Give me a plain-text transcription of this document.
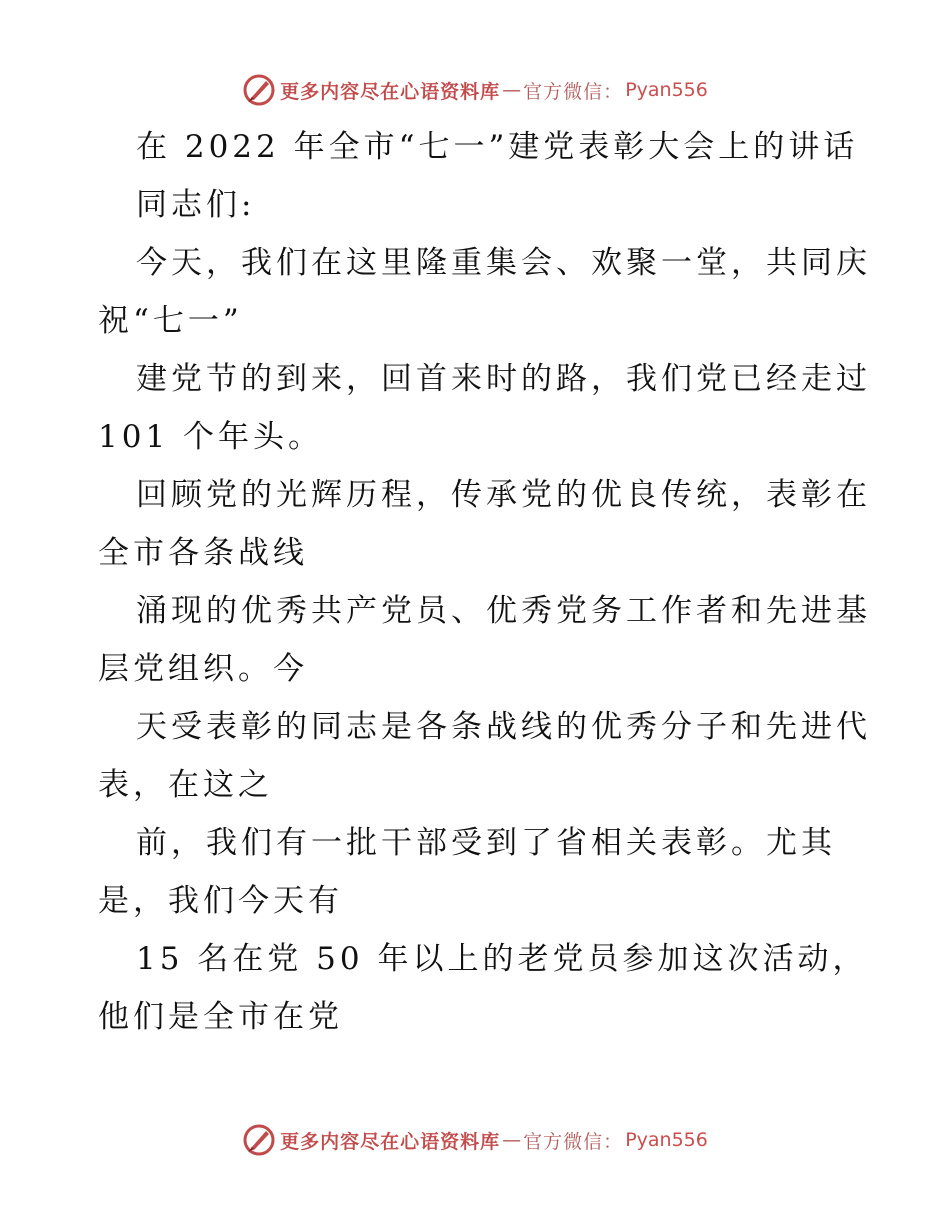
更多内容尽在心语资料库 — 官方微信： Pyan556
在 2022 年全市“七一”建党表彰大会上的讲话
同志们:
今天，我们在这里隆重集会、欢聚一堂，共同庆
祝“七一”
建党节的到来，回首来时的路，我们党已经走过
101 个年头。
回顾党的光辉历程，传承党的优良传统，表彰在
全市各条战线
涌现的优秀共产党员、优秀党务工作者和先进基
层党组织。今
天受表彰的同志是各条战线的优秀分子和先进代
表，在这之
前，我们有一批干部受到了省相关表彰。尤其
是，我们今天有
15 名在党 50 年以上的老党员参加这次活动，
他们是全市在党
更多内容尽在心语资料库 — 官方微信： Pyan556
